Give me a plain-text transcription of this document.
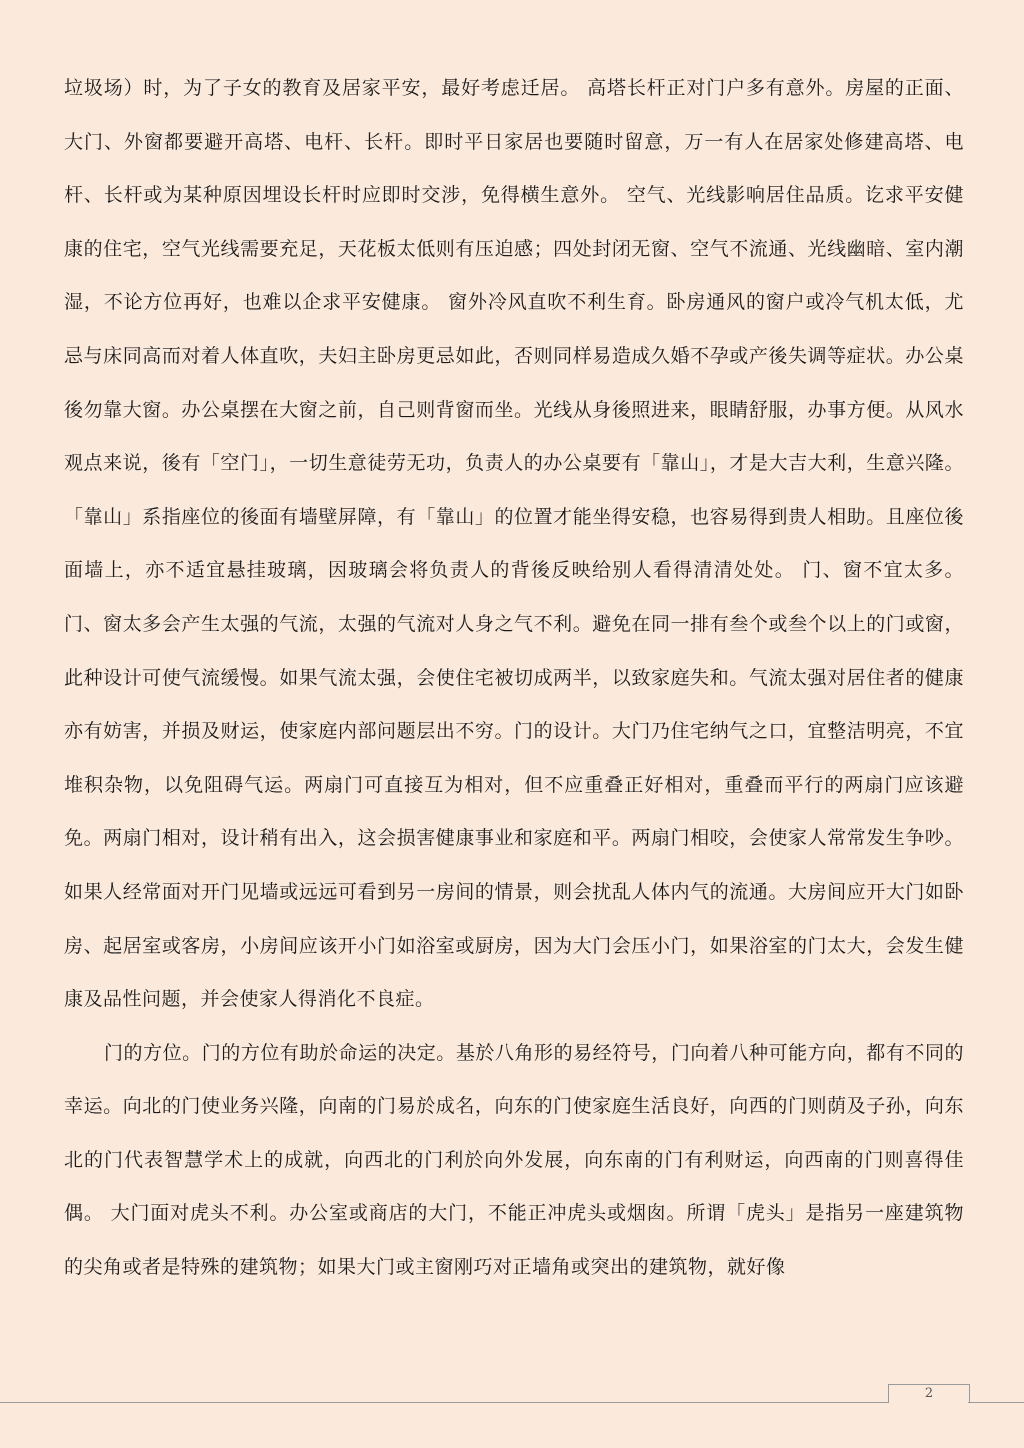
垃圾场）时，为了子女的教育及居家平安，最好考虑迁居。 高塔长杆正对门户多有意外。房屋的正面、大门、外窗都要避开高塔、电杆、长杆。即时平日家居也要随时留意，万一有人在居家处修建高塔、电杆、长杆或为某种原因埋设长杆时应即时交涉，免得横生意外。 空气、光线影响居住品质。讫求平安健康的住宅，空气光线需要充足，天花板太低则有压迫感；四处封闭无窗、空气不流通、光线幽暗、室内潮湿，不论方位再好，也难以企求平安健康。 窗外冷风直吹不利生育。卧房通风的窗户或冷气机太低，尤忌与床同高而对着人体直吹，夫妇主卧房更忌如此，否则同样易造成久婚不孕或产後失调等症状。办公桌後勿靠大窗。办公桌摆在大窗之前，自己则背窗而坐。光线从身後照进来，眼睛舒服，办事方便。从风水观点来说，後有「空门」，一切生意徒劳无功，负责人的办公桌要有「靠山」，才是大吉大利，生意兴隆。「靠山」系指座位的後面有墙壁屏障，有「靠山」的位置才能坐得安稳，也容易得到贵人相助。且座位後面墙上，亦不适宜悬挂玻璃，因玻璃会将负责人的背後反映给别人看得清清处处。 门、窗不宜太多。门、窗太多会产生太强的气流，太强的气流对人身之气不利。避免在同一排有叁个或叁个以上的门或窗，此种设计可使气流缓慢。如果气流太强，会使住宅被切成两半，以致家庭失和。气流太强对居住者的健康亦有妨害，并损及财运，使家庭内部问题层出不穷。门的设计。大门乃住宅纳气之口，宜整洁明亮，不宜堆积杂物，以免阻碍气运。两扇门可直接互为相对，但不应重叠正好相对，重叠而平行的两扇门应该避免。两扇门相对，设计稍有出入，这会损害健康事业和家庭和平。两扇门相咬，会使家人常常发生争吵。如果人经常面对开门见墙或远远可看到另一房间的情景，则会扰乱人体内气的流通。大房间应开大门如卧房、起居室或客房，小房间应该开小门如浴室或厨房，因为大门会压小门，如果浴室的门太大，会发生健康及品性问题，并会使家人得消化不良症。

门的方位。门的方位有助於命运的决定。基於八角形的易经符号，门向着八种可能方向，都有不同的幸运。向北的门使业务兴隆，向南的门易於成名，向东的门使家庭生活良好，向西的门则荫及子孙，向东北的门代表智慧学术上的成就，向西北的门利於向外发展，向东南的门有利财运，向西南的门则喜得佳偶。 大门面对虎头不利。办公室或商店的大门，不能正冲虎头或烟囱。所谓「虎头」是指另一座建筑物的尖角或者是特殊的建筑物；如果大门或主窗刚巧对正墙角或突出的建筑物，就好像

2
